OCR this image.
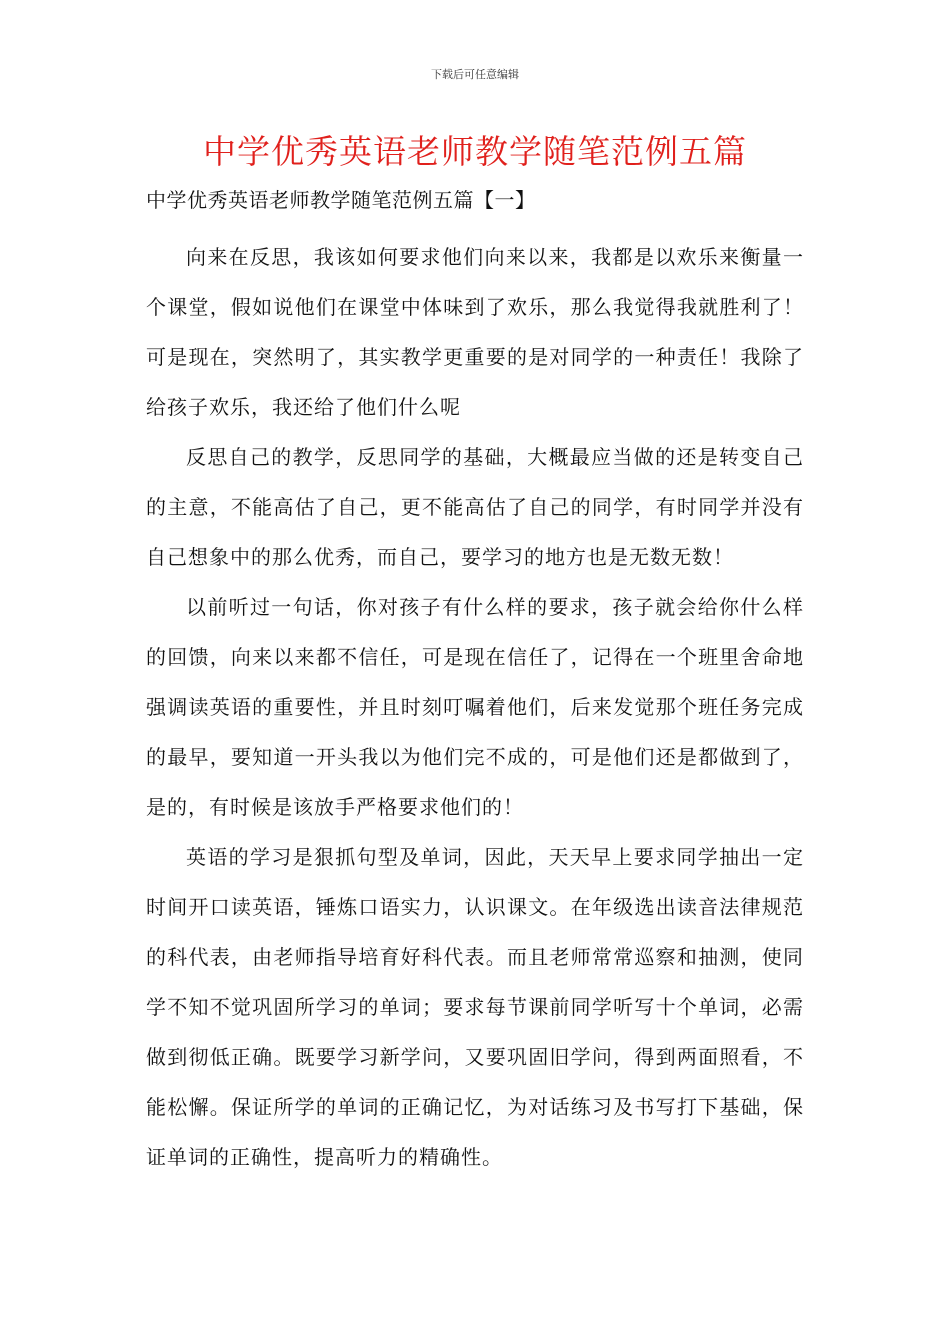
下载后可任意编辑
中学优秀英语老师教学随笔范例五篇
中学优秀英语老师教学随笔范例五篇【一】

向来在反思，我该如何要求他们向来以来，我都是以欢乐来衡量一个课堂，假如说他们在课堂中体味到了欢乐，那么我觉得我就胜利了！可是现在，突然明了，其实教学更重要的是对同学的一种责任！我除了给孩子欢乐，我还给了他们什么呢

反思自己的教学，反思同学的基础，大概最应当做的还是转变自己的主意，不能高估了自己，更不能高估了自己的同学，有时同学并没有自己想象中的那么优秀，而自己，要学习的地方也是无数无数！

以前听过一句话，你对孩子有什么样的要求，孩子就会给你什么样的回馈，向来以来都不信任，可是现在信任了，记得在一个班里舍命地强调读英语的重要性，并且时刻叮嘱着他们，后来发觉那个班任务完成的最早，要知道一开头我以为他们完不成的，可是他们还是都做到了，是的，有时候是该放手严格要求他们的！

英语的学习是狠抓句型及单词，因此，天天早上要求同学抽出一定时间开口读英语，锤炼口语实力，认识课文。在年级选出读音法律规范的科代表，由老师指导培育好科代表。而且老师常常巡察和抽测，使同学不知不觉巩固所学习的单词；要求每节课前同学听写十个单词，必需做到彻低正确。既要学习新学问，又要巩固旧学问，得到两面照看，不能松懈。保证所学的单词的正确记忆，为对话练习及书写打下基础，保证单词的正确性，提高听力的精确性。
